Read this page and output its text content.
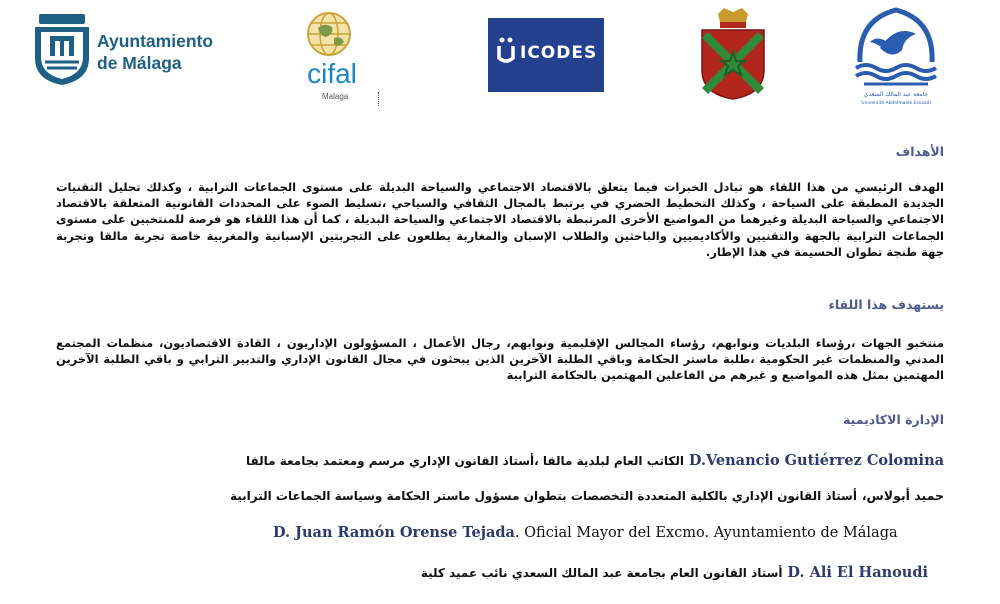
Ayuntamiento
de Málaga	cifal
Malaga
ICODES
جامعة عبد المالك السعدي
Université Abdelmalek Essaadi
الأهداف
الهدف الرئيسي من هذا اللقاء هو تبادل الخبرات فيما يتعلق بالاقتصاد الاجتماعي والسياحة البديلة على مستوى الجماعات الترابية ، وكذلك تحليل التقنيات الجديدة المطبقة على السياحة ، وكذلك التخطيط الحضري في يرتبط بالمجال الثقافي والسياحي ،تسليط الضوء على المحددات القانونية المتعلقة بالاقتصاد الاجتماعي والسياحة البديلة وغيرهما من المواضيع الأخرى المرتبطة بالاقتصاد الاجتماعي والسياحة البديلة ، كما أن هذا اللقاء هو فرصة للمنتخبين على مستوى الجماعات الترابية بالجهة والتقنيين والأكاديميين والباحثين والطلاب الإسبان والمغاربة يطلعون على التجربتين الإسبانية والمغربية خاصة تجربة مالقا وتجربة جهة طنجة تطوان الحسيمة في هذا الإطار.
يستهدف هذا اللقاء
منتخبو الجهات ،رؤساء البلديات ونوابهم، رؤساء المجالس الإقليمية ونوابهم، رجال الأعمال ، المسؤولون الإداريون ، القادة الاقتصاديون، منظمات المجتمع المدني والمنظمات غير الحكومية ،طلبة ماستر الحكامة وباقي الطلبة الآخرين الذين يبحثون في مجال القانون الإداري والتدبير الترابي و باقي الطلبة الآخرين المهتمين بمثل هذه المواضيع و غيرهم من الفاعلين المهتمين بالحكامة الترابية
الإدارة الاكاديمية
D.Venancio Gutiérrez Colomina الكاتب العام لبلدية مالقا ،أستاذ القانون الإداري مرسم ومعتمد بجامعة مالقا
حميد أبولاس، أستاذ القانون الإداري بالكلية المتعددة التخصصات بتطوان مسؤول ماستر الحكامة وسياسة الجماعات الترابية
D. Juan Ramón Orense Tejada. Oficial Mayor del Excmo. Ayuntamiento de Málaga
D. Ali El Hanoudi أستاذ القانون العام بجامعة عبد المالك السعدي نائب عميد كلية
